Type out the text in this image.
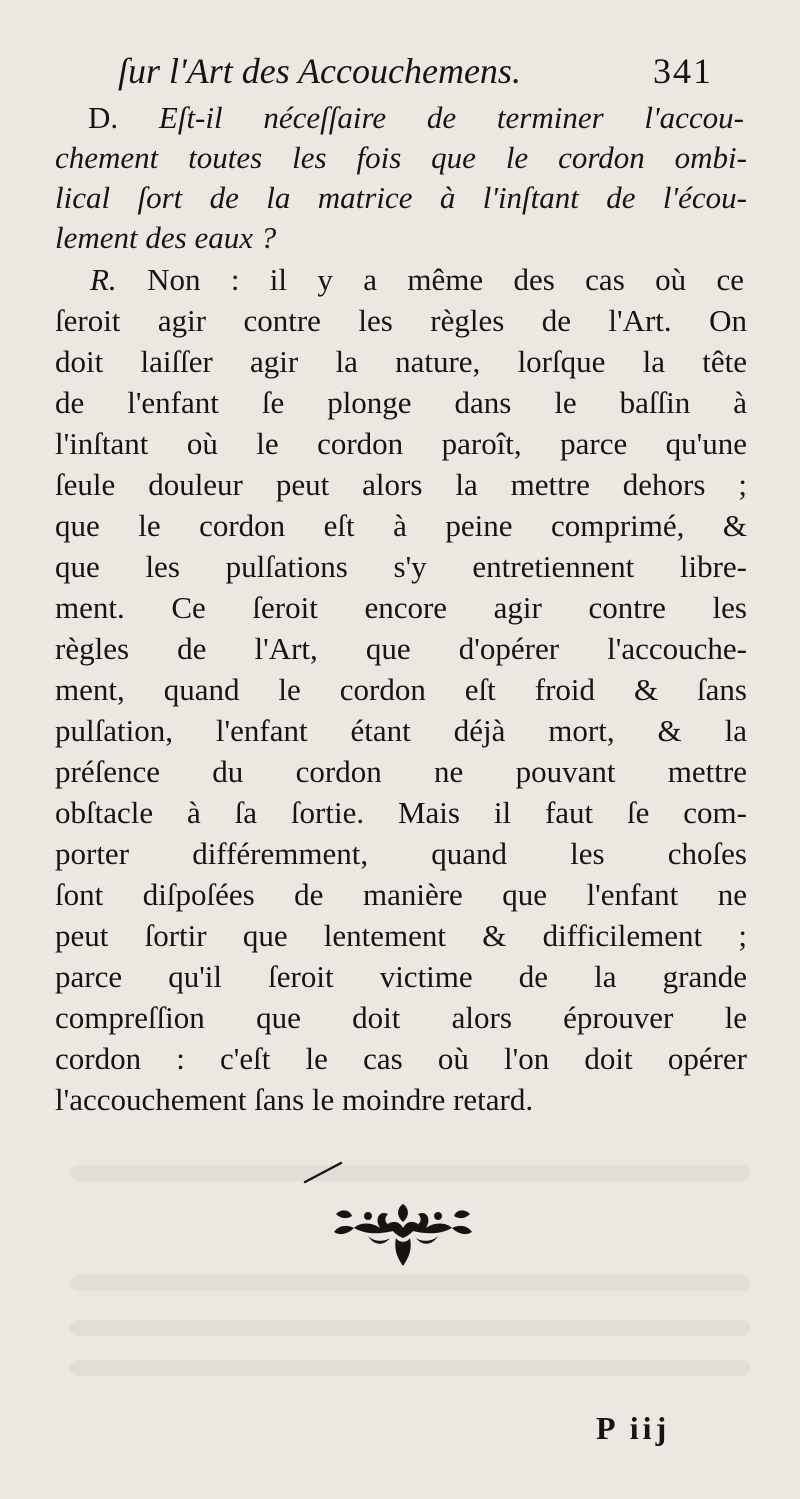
ſur l'Art des Accouchemens.	341
D. Eſt-il néceſſaire de terminer l'accou-
chement toutes les fois que le cordon ombi-
lical ſort de la matrice à l'inſtant de l'écou-
lement des eaux ?
R. Non : il y a même des cas où ce
ſeroit agir contre les règles de l'Art. On
doit laiſſer agir la nature, lorſque la tête
de l'enfant ſe plonge dans le baſſin à
l'inſtant où le cordon paroît, parce qu'une
ſeule douleur peut alors la mettre dehors ;
que le cordon eſt à peine comprimé, &
que les pulſations s'y entretiennent libre-
ment. Ce ſeroit encore agir contre les
règles de l'Art, que d'opérer l'accouche-
ment, quand le cordon eſt froid & ſans
pulſation, l'enfant étant déjà mort, & la
préſence du cordon ne pouvant mettre
obſtacle à ſa ſortie. Mais il faut ſe com-
porter différemment, quand les choſes
ſont diſpoſées de manière que l'enfant ne
peut ſortir que lentement & difficilement ;
parce qu'il ſeroit victime de la grande
compreſſion que doit alors éprouver le
cordon : c'eſt le cas où l'on doit opérer
l'accouchement ſans le moindre retard.
P iij
